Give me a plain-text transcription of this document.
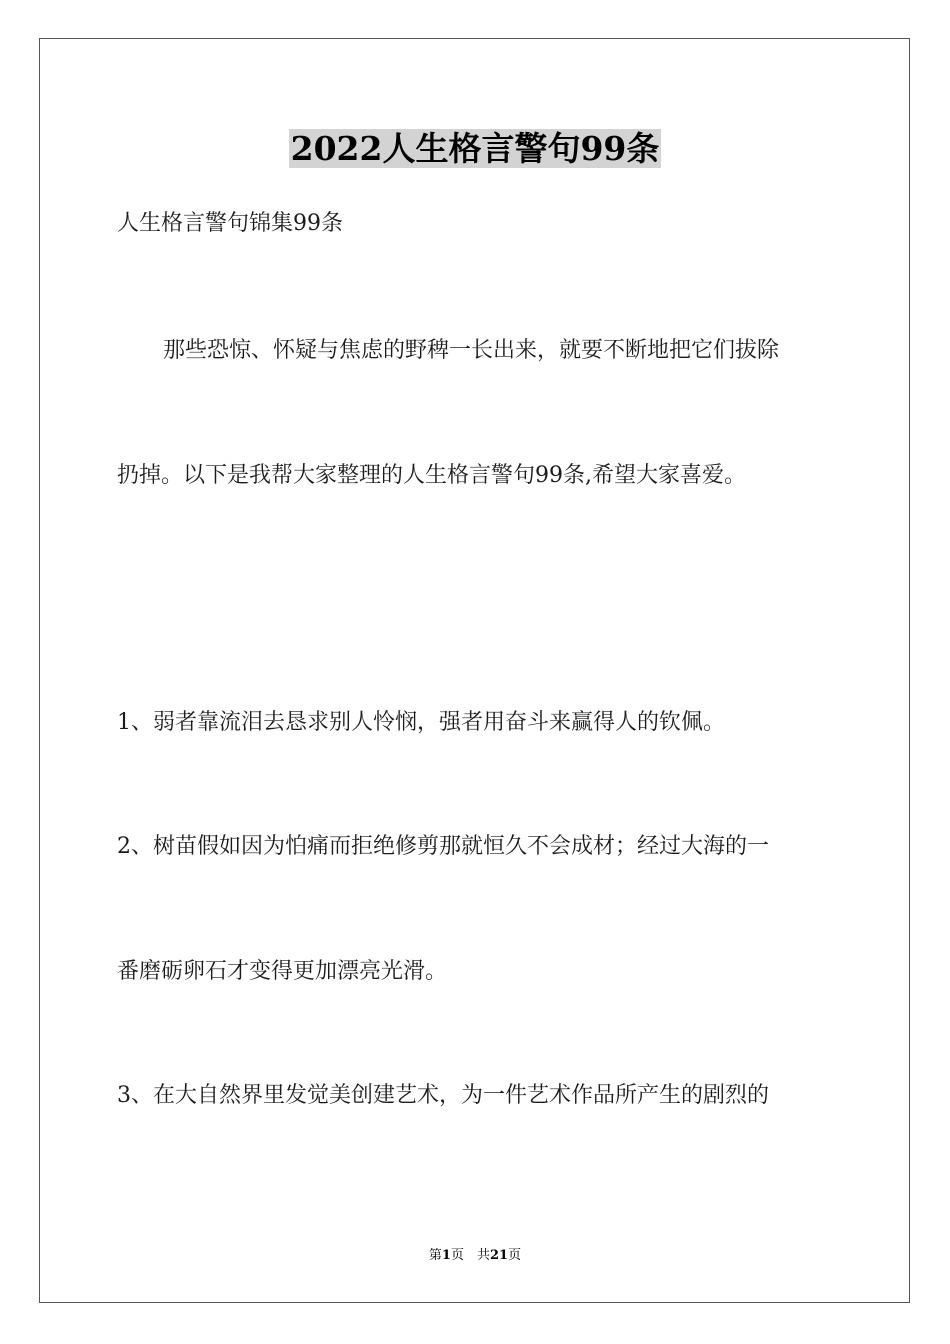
2022人生格言警句99条
人生格言警句锦集99条
那些恐惊、怀疑与焦虑的野稗一长出来，就要不断地把它们拔除
扔掉。以下是我帮大家整理的人生格言警句99条,希望大家喜爱。
1、弱者靠流泪去恳求别人怜悯，强者用奋斗来赢得人的钦佩。
2、树苗假如因为怕痛而拒绝修剪那就恒久不会成材；经过大海的一
番磨砺卵石才变得更加漂亮光滑。
3、在大自然界里发觉美创建艺术，为一件艺术作品所产生的剧烈的
第1页　共21页
